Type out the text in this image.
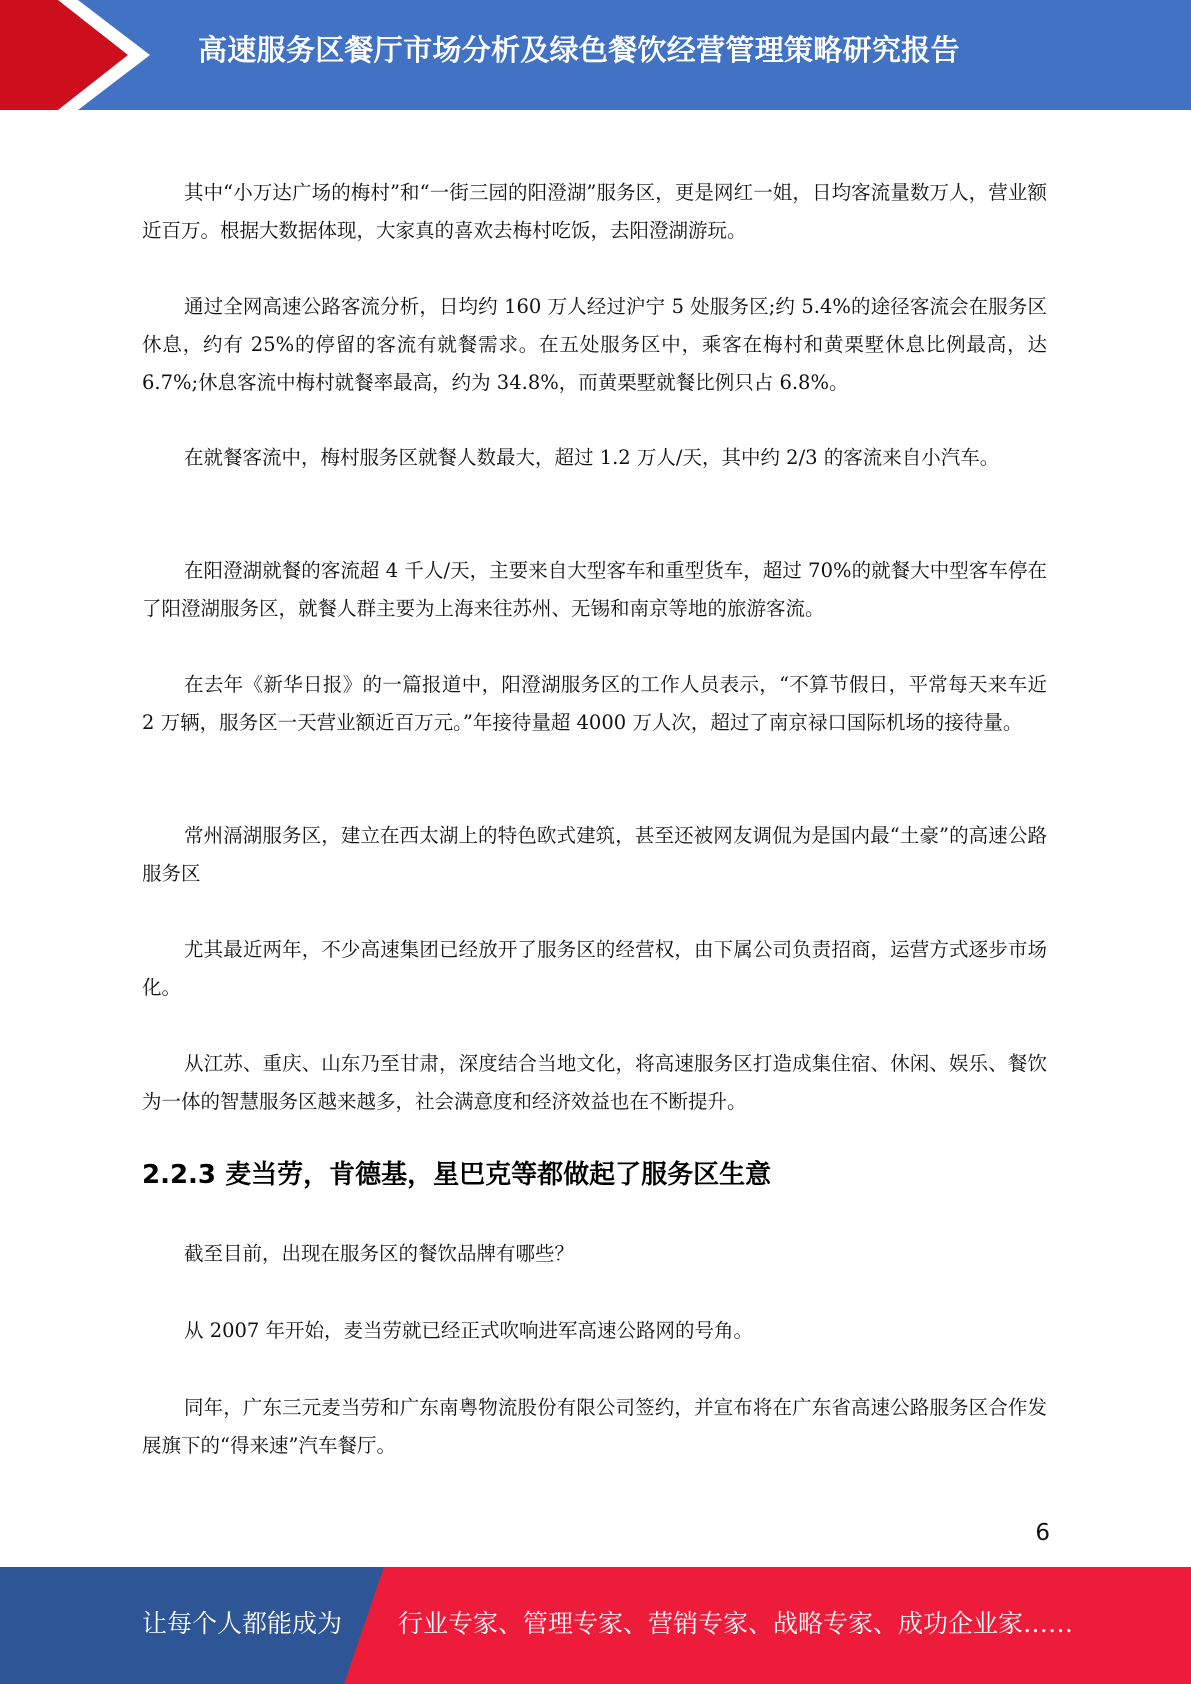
高速服务区餐厅市场分析及绿色餐饮经营管理策略研究报告

其中“小万达广场的梅村”和“一街三园的阳澄湖”服务区，更是网红一姐，日均客流量数万人，营业额近百万。根据大数据体现，大家真的喜欢去梅村吃饭，去阳澄湖游玩。

通过全网高速公路客流分析，日均约 160 万人经过沪宁 5 处服务区;约 5.4%的途径客流会在服务区休息，约有 25%的停留的客流有就餐需求。在五处服务区中，乘客在梅村和黄栗墅休息比例最高，达 6.7%;休息客流中梅村就餐率最高，约为 34.8%，而黄栗墅就餐比例只占 6.8%。

在就餐客流中，梅村服务区就餐人数最大，超过 1.2 万人/天，其中约 2/3 的客流来自小汽车。

在阳澄湖就餐的客流超 4 千人/天，主要来自大型客车和重型货车，超过 70%的就餐大中型客车停在了阳澄湖服务区，就餐人群主要为上海来往苏州、无锡和南京等地的旅游客流。

在去年《新华日报》的一篇报道中，阳澄湖服务区的工作人员表示，“不算节假日，平常每天来车近 2 万辆，服务区一天营业额近百万元。”年接待量超 4000 万人次，超过了南京禄口国际机场的接待量。

常州滆湖服务区，建立在西太湖上的特色欧式建筑，甚至还被网友调侃为是国内最“土豪”的高速公路服务区

尤其最近两年，不少高速集团已经放开了服务区的经营权，由下属公司负责招商，运营方式逐步市场化。

从江苏、重庆、山东乃至甘肃，深度结合当地文化，将高速服务区打造成集住宿、休闲、娱乐、餐饮为一体的智慧服务区越来越多，社会满意度和经济效益也在不断提升。

2.2.3 麦当劳，肯德基，星巴克等都做起了服务区生意

截至目前，出现在服务区的餐饮品牌有哪些？

从 2007 年开始，麦当劳就已经正式吹响进军高速公路网的号角。

同年，广东三元麦当劳和广东南粤物流股份有限公司签约，并宣布将在广东省高速公路服务区合作发展旗下的“得来速”汽车餐厅。

6
让每个人都能成为 行业专家、管理专家、营销专家、战略专家、成功企业家……
